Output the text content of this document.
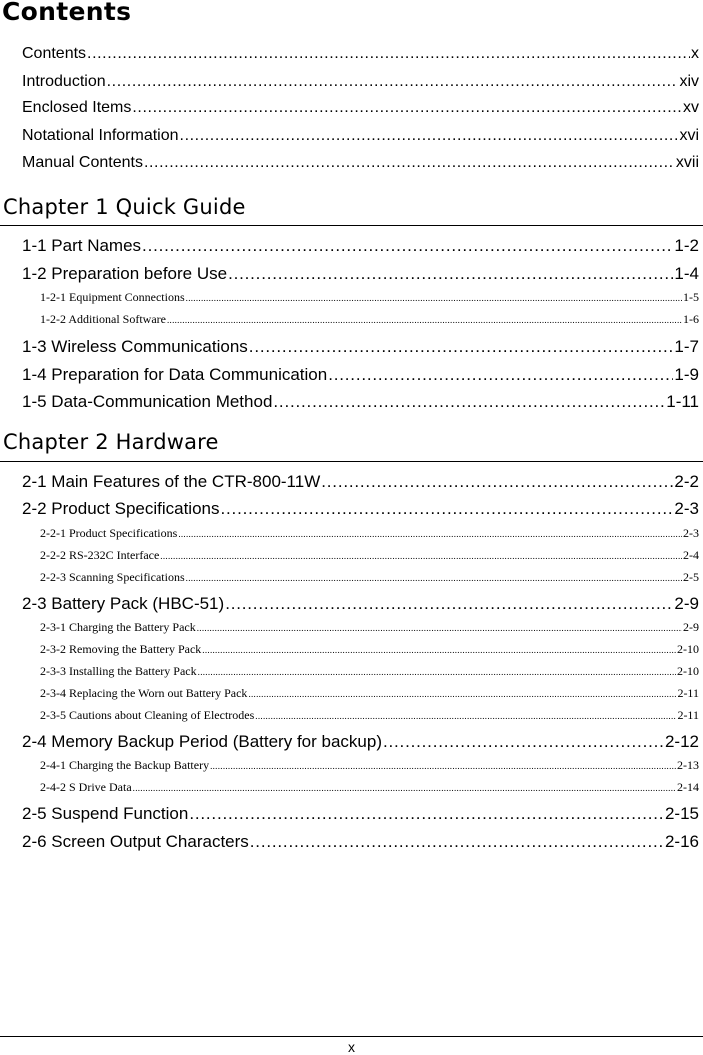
Contents
Contents .....	x
Introduction .....	xiv
Enclosed Items .....	xv
Notational Information .....	xvi
Manual Contents .....	xvii
Chapter 1 Quick Guide
1-1 Part Names .....	1-2
1-2 Preparation before Use .....	1-4
1-2-1 Equipment Connections .....	1-5
1-2-2 Additional Software .....	1-6
1-3 Wireless Communications .....	1-7
1-4 Preparation for Data Communication .....	1-9
1-5 Data-Communication Method .....	1-11
Chapter 2 Hardware
2-1 Main Features of the CTR-800-11W .....	2-2
2-2 Product Specifications .....	2-3
2-2-1 Product Specifications .....	2-3
2-2-2 RS-232C Interface .....	2-4
2-2-3 Scanning Specifications .....	2-5
2-3 Battery Pack (HBC-51) .....	2-9
2-3-1 Charging the Battery Pack .....	2-9
2-3-2 Removing the Battery Pack .....	2-10
2-3-3 Installing the Battery Pack .....	2-10
2-3-4 Replacing the Worn out Battery Pack .....	2-11
2-3-5 Cautions about Cleaning of Electrodes .....	2-11
2-4 Memory Backup Period (Battery for backup) .....	2-12
2-4-1 Charging the Backup Battery .....	2-13
2-4-2 S Drive Data .....	2-14
2-5 Suspend Function .....	2-15
2-6 Screen Output Characters .....	2-16
x
